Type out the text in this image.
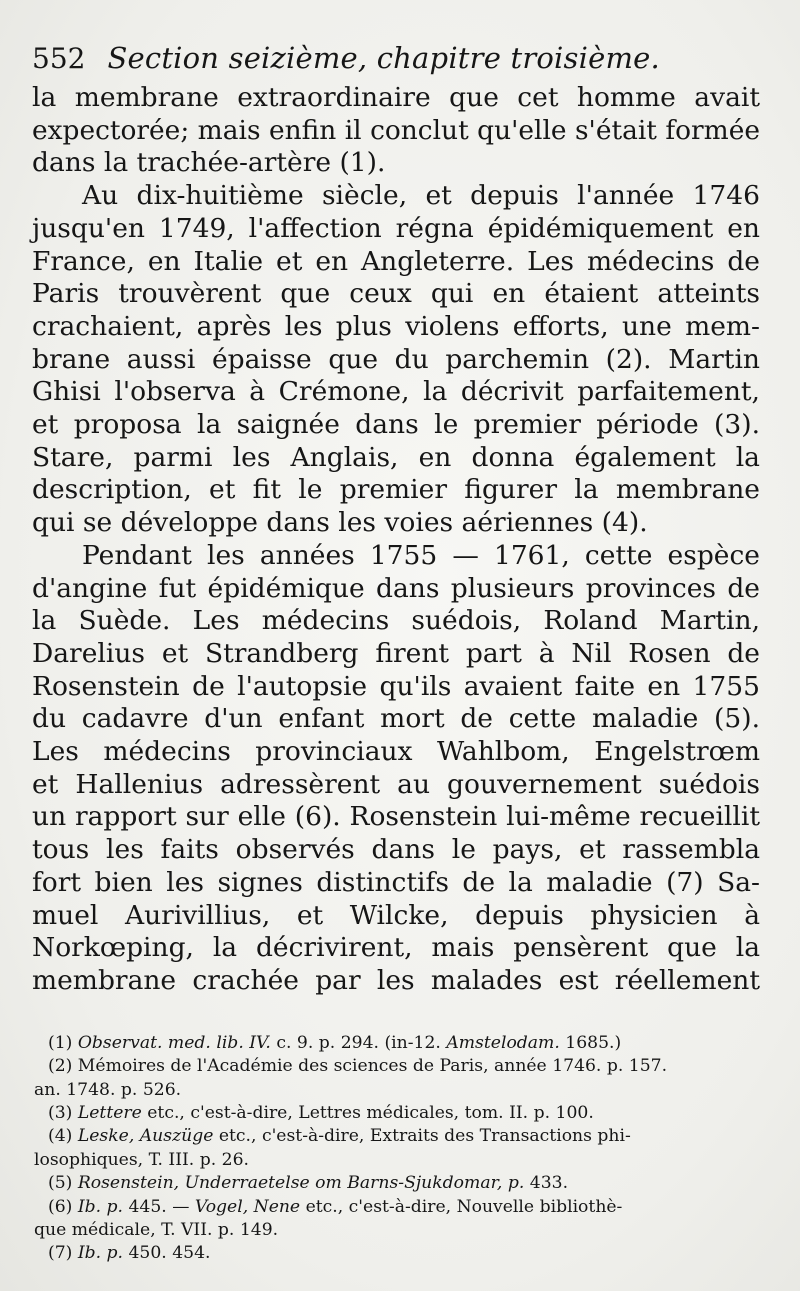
552 Section seizième, chapitre troisième.
la membrane extraordinaire que cet homme avait
expectorée; mais enfin il conclut qu'elle s'était formée
dans la trachée-artère (1).
Au dix-huitième siècle, et depuis l'année 1746
jusqu'en 1749, l'affection régna épidémiquement en
France, en Italie et en Angleterre. Les médecins de
Paris trouvèrent que ceux qui en étaient atteints
crachaient, après les plus violens efforts, une mem-
brane aussi épaisse que du parchemin (2). Martin
Ghisi l'observa à Crémone, la décrivit parfaitement,
et proposa la saignée dans le premier période (3).
Stare, parmi les Anglais, en donna également la
description, et fit le premier figurer la membrane
qui se développe dans les voies aériennes (4).
Pendant les années 1755 — 1761, cette espèce
d'angine fut épidémique dans plusieurs provinces de
la Suède. Les médecins suédois, Roland Martin,
Darelius et Strandberg firent part à Nil Rosen de
Rosenstein de l'autopsie qu'ils avaient faite en 1755
du cadavre d'un enfant mort de cette maladie (5).
Les médecins provinciaux Wahlbom, Engelstrœm
et Hallenius adressèrent au gouvernement suédois
un rapport sur elle (6). Rosenstein lui-même recueillit
tous les faits observés dans le pays, et rassembla
fort bien les signes distinctifs de la maladie (7) Sa-
muel Aurivillius, et Wilcke, depuis physicien à
Norkœping, la décrivirent, mais pensèrent que la
membrane crachée par les malades est réellement
(1) Observat. med. lib. IV. c. 9. p. 294. (in-12. Amstelodam. 1685.)
(2) Mémoires de l'Académie des sciences de Paris, année 1746. p. 157.
an. 1748. p. 526.
(3) Lettere etc., c'est-à-dire, Lettres médicales, tom. II. p. 100.
(4) Leske, Auszüge etc., c'est-à-dire, Extraits des Transactions phi-
losophiques, T. III. p. 26.
(5) Rosenstein, Underraetelse om Barns-Sjukdomar, p. 433.
(6) Ib. p. 445. — Vogel, Nene etc., c'est-à-dire, Nouvelle bibliothè-
que médicale, T. VII. p. 149.
(7) Ib. p. 450. 454.
